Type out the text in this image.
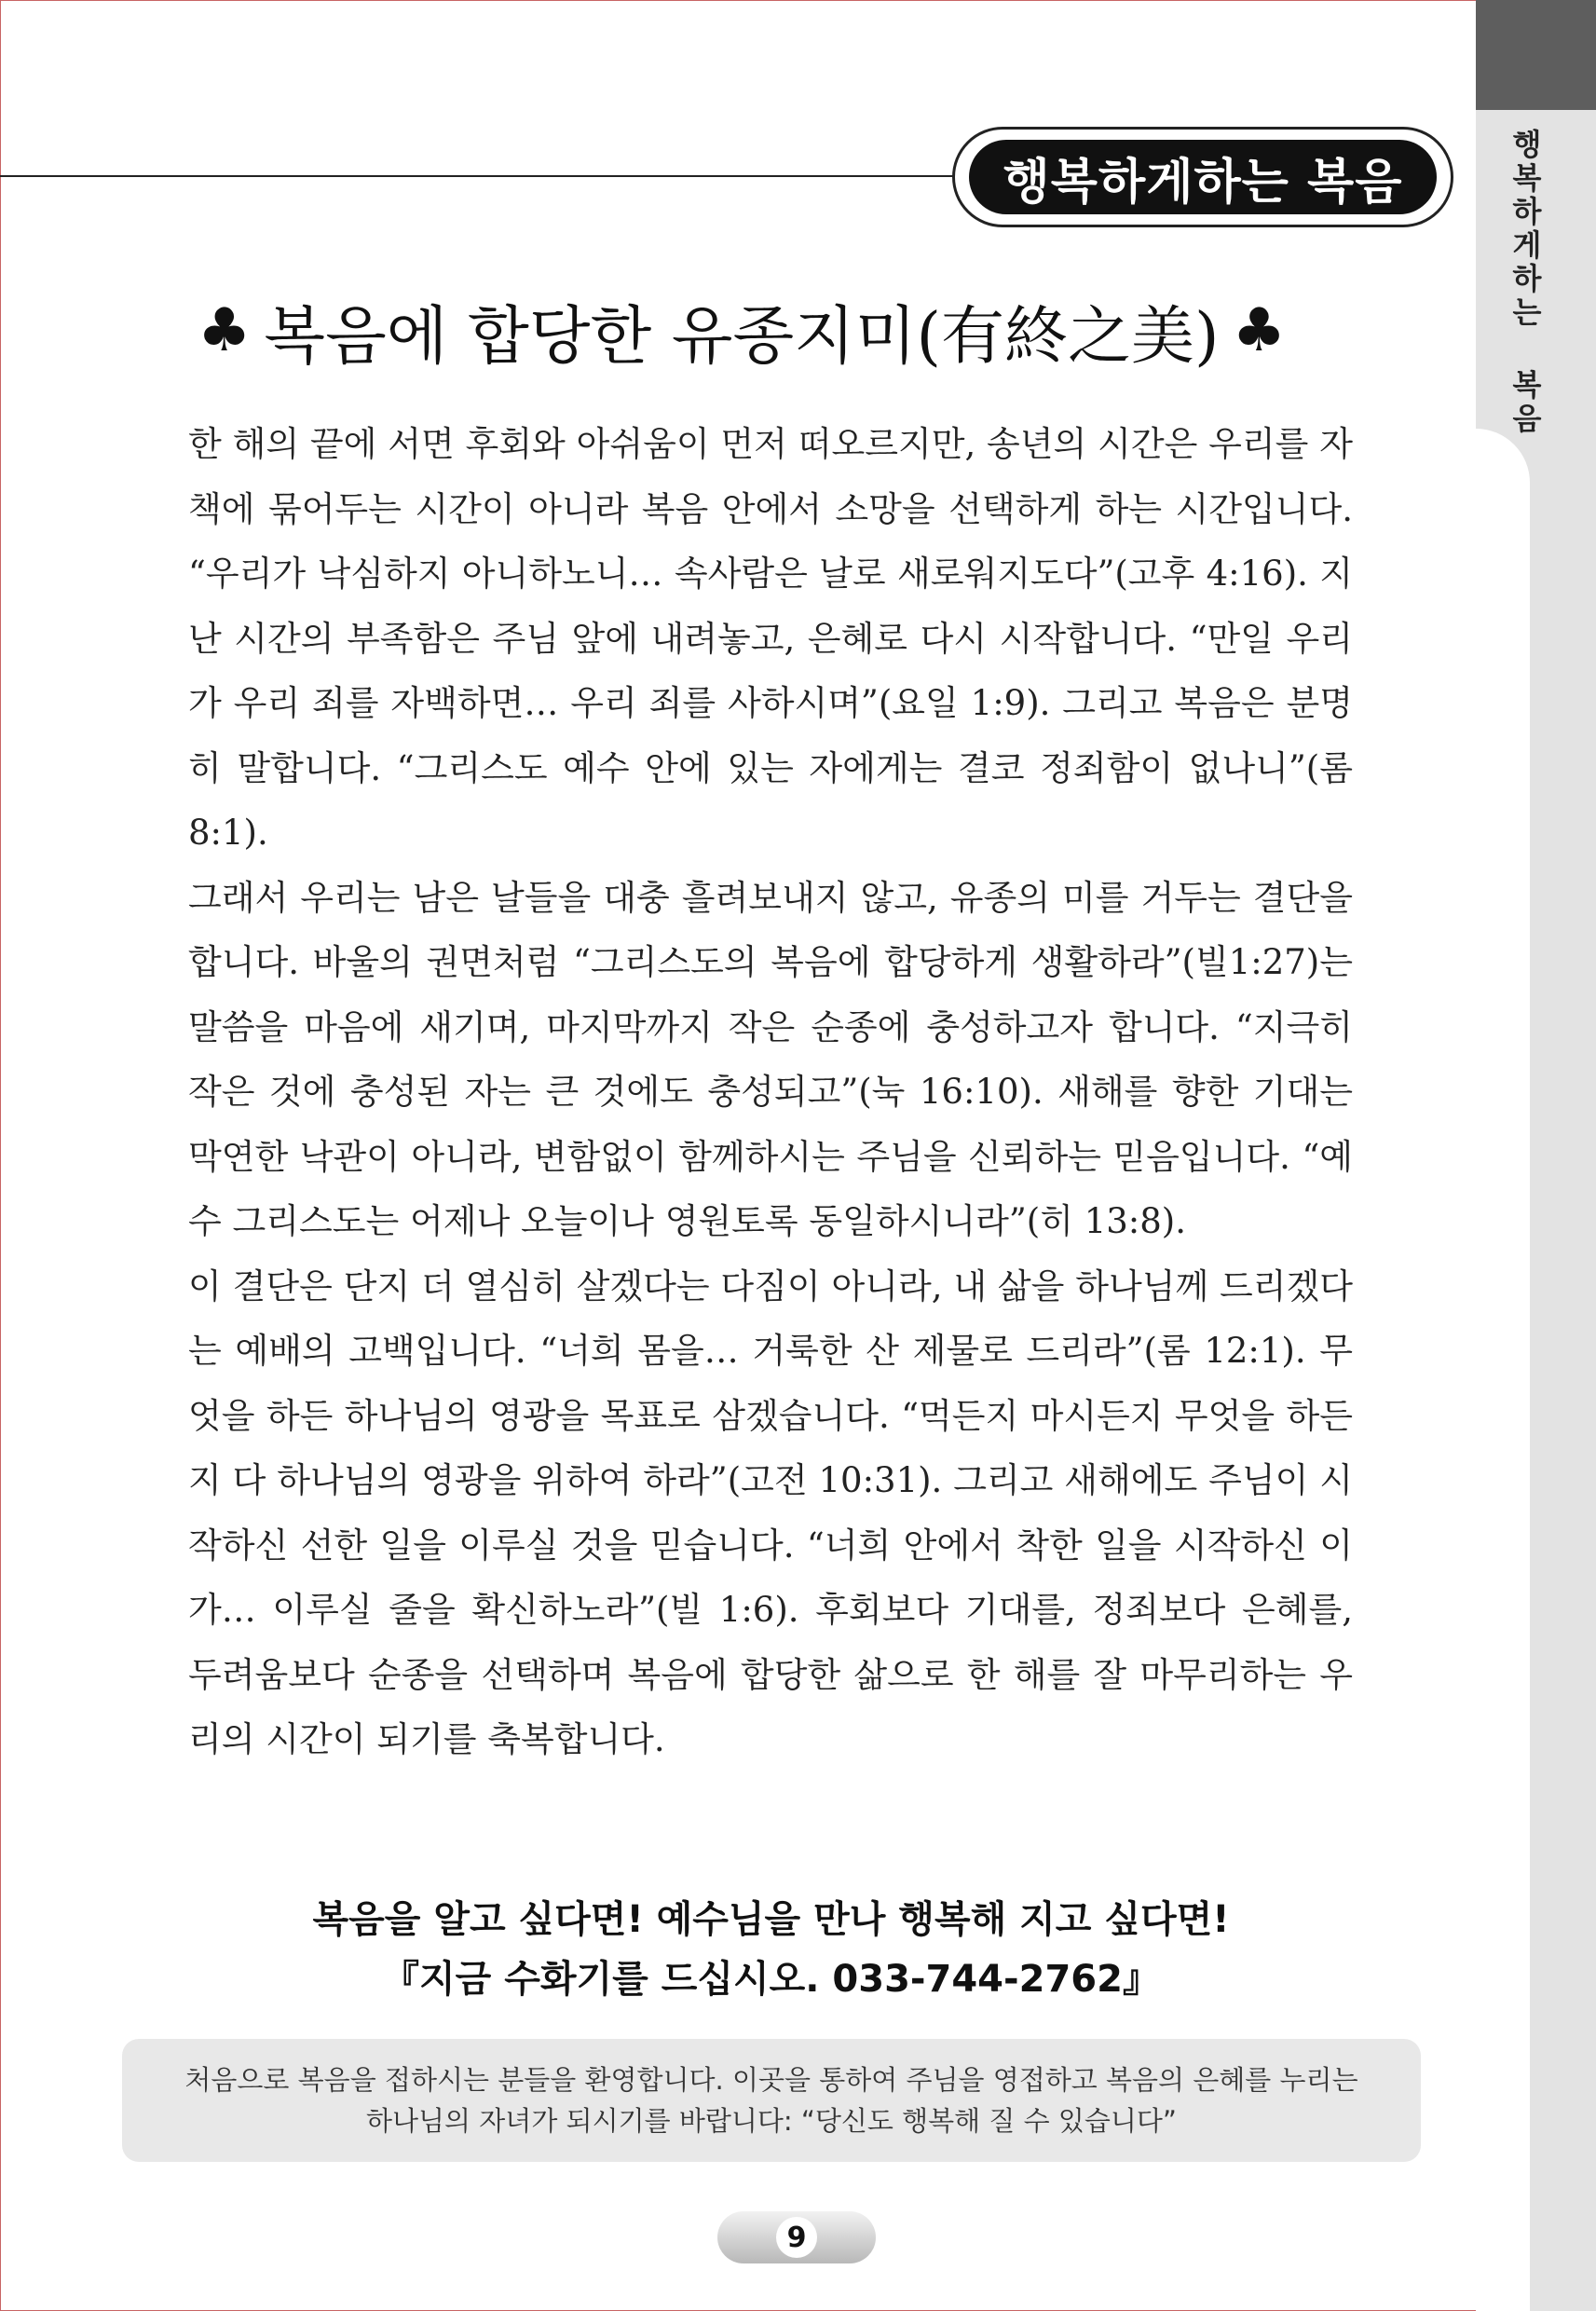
행복하게하는 복음
행복하게하는 복음
♣ 복음에 합당한 유종지미 (有終之美) ♣

한 해의 끝에 서면 후회와 아쉬움이 먼저 떠오르지만, 송년의 시간은 우리를 자책에 묶어두는 시간이 아니라 복음 안에서 소망을 선택하게 하는 시간입니다. “우리가 낙심하지 아니하노니… 속사람은 날로 새로워지도다”(고후 4:16). 지난 시간의 부족함은 주님 앞에 내려놓고, 은혜로 다시 시작합니다. “만일 우리가 우리 죄를 자백하면… 우리 죄를 사하시며”(요일 1:9). 그리고 복음은 분명히 말합니다. “그리스도 예수 안에 있는 자에게는 결코 정죄함이 없나니”(롬 8:1).

그래서 우리는 남은 날들을 대충 흘려보내지 않고, 유종의 미를 거두는 결단을 합니다. 바울의 권면처럼 “그리스도의 복음에 합당하게 생활하라”(빌1:27)는 말씀을 마음에 새기며, 마지막까지 작은 순종에 충성하고자 합니다. “지극히 작은 것에 충성된 자는 큰 것에도 충성되고”(눅 16:10). 새해를 향한 기대는 막연한 낙관이 아니라, 변함없이 함께하시는 주님을 신뢰하는 믿음입니다. “예수 그리스도는 어제나 오늘이나 영원토록 동일하시니라”(히 13:8).

이 결단은 단지 더 열심히 살겠다는 다짐이 아니라, 내 삶을 하나님께 드리겠다는 예배의 고백입니다. “너희 몸을… 거룩한 산 제물로 드리라”(롬 12:1). 무엇을 하든 하나님의 영광을 목표로 삼겠습니다. “먹든지 마시든지 무엇을 하든지 다 하나님의 영광을 위하여 하라”(고전 10:31). 그리고 새해에도 주님이 시작하신 선한 일을 이루실 것을 믿습니다. “너희 안에서 착한 일을 시작하신 이가… 이루실 줄을 확신하노라”(빌 1:6). 후회보다 기대를, 정죄보다 은혜를, 두려움보다 순종을 선택하며 복음에 합당한 삶으로 한 해를 잘 마무리하는 우리의 시간이 되기를 축복합니다.

복음을 알고 싶다면! 예수님을 만나 행복해 지고 싶다면!
『지금 수화기를 드십시오. 033-744-2762』
처음으로 복음을 접하시는 분들을 환영합니다. 이곳을 통하여 주님을 영접하고 복음의 은혜를 누리는
하나님의 자녀가 되시기를 바랍니다: “당신도 행복해 질 수 있습니다”
9
